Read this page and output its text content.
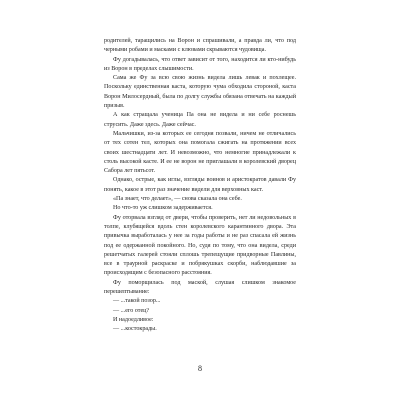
родителей, таращились на Ворон и спрашивали, а правда ли, что под черными робами и масками с клювами скрываются чудовища.

Фу догадывалась, что ответ зависит от того, находится ли кто-нибудь из Ворон в пределах слышимости.

Сама же Фу за всю свою жизнь видела лишь левак и похлещее. Поскольку единственная каста, которую чума обходила стороной, каста Ворон Милосердный, была по долгу службы обязана отвечать на каждый призыв.

А как стращала ученица Па она не видела и ни себе роснешь струсить. Даже здесь. Даже сейчас.

Мальчишки, из-за которых ее сегодня позвали, ничем не отличались от тех сотен тел, которых она помогала сжигать на протяжении всех своих шестнадцати лет. И невозможно, что немногие принадлежали к столь высокой касте. И ее не ворон не приглашали в королевский дворец Сабора лет пятьсот.

Однако, острые, как иглы, взгляды воинов и аристократов давали Фу понять, какое в этот раз значение видели для верховных каст.

«Па знает, что делает», — снова сказала она себе.

Но что-то уж слишком задерживается.

Фу оторвала взгляд от двери, чтобы проверить, нет ли недовольных в толпе, клубящейся вдоль стен королевского карантинного двора. Эта привычка выработалась у нее за годы работы и не раз спасала ей жизнь под ее одержанной покойного. Но, судя по тому, что она видела, среди решетчатых галерей стояли сплошь трепещущие придворные Павлины, все в траурной раскраске и побрякушках скорби, наблюдавшие за происходящим с безопасного расстояния.

Фу поморщилась под маской, слушая слишком знакомое перешептывание:

— ...такой позор...

— ...его отец?

И надоедливое:

— ...костокрады.

8
